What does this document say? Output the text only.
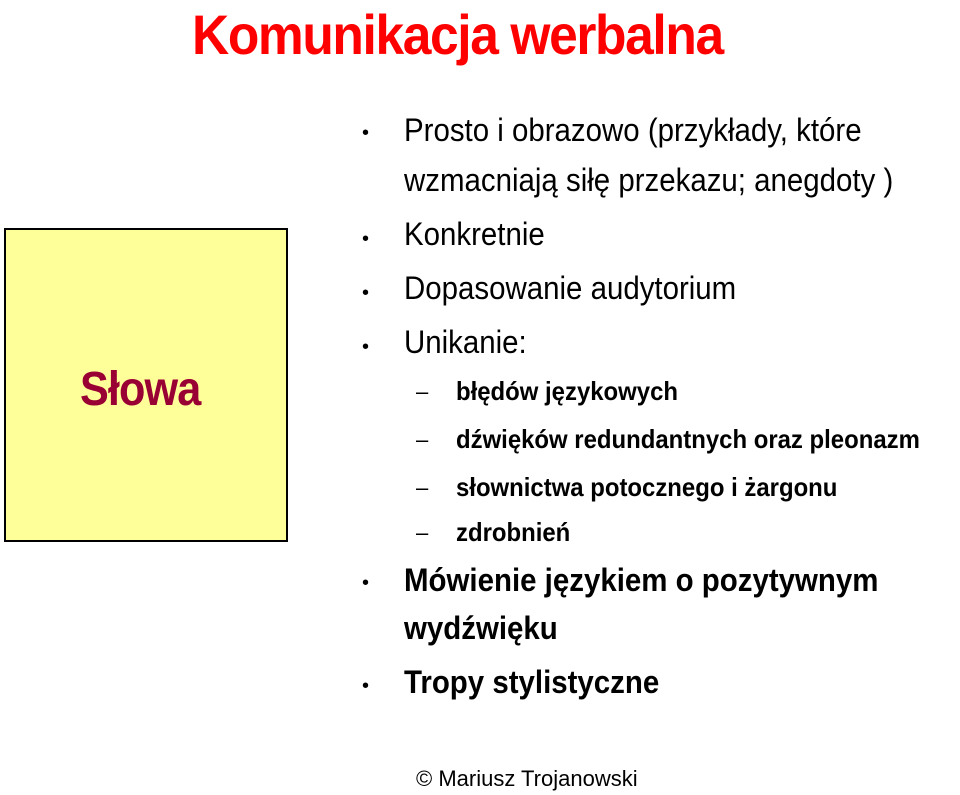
Komunikacja werbalna
Słowa
• Prosto i obrazowo (przykłady, które
wzmacniają siłę przekazu; anegdoty )
• Konkretnie
• Dopasowanie audytorium
• Unikanie:
– błędów językowych
– dźwięków redundantnych oraz pleonazm
– słownictwa potocznego i żargonu
– zdrobnień
• Mówienie językiem o pozytywnym
wydźwięku
• Tropy stylistyczne
© Mariusz Trojanowski
